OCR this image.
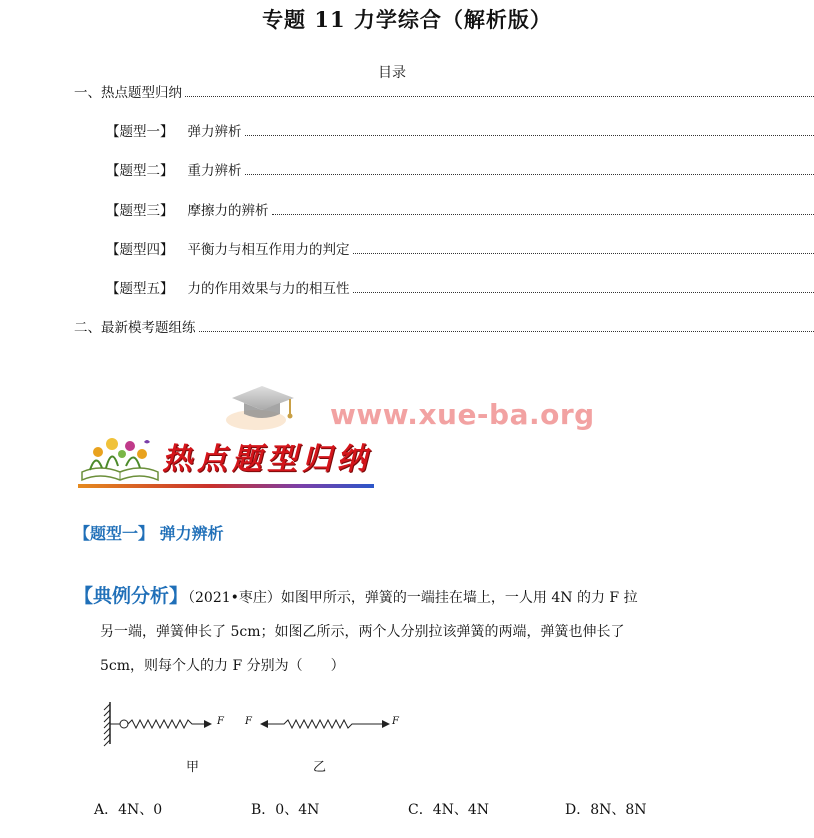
专题 11 力学综合（解析版）
目录
一、热点题型归纳
【题型一】 弹力辨析
【题型二】 重力辨析
【题型三】 摩擦力的辨析
【题型四】 平衡力与相互作用力的判定
【题型五】 力的作用效果与力的相互性
二、最新模考题组练
www.xue-ba.org
热点题型归纳
【题型一】 弹力辨析
【典例分析】（2021•枣庄）如图甲所示，弹簧的一端挂在墙上，一人用 4N 的力 F 拉
另一端，弹簧伸长了 5cm；如图乙所示，两个人分别拉该弹簧的两端，弹簧也伸长了
5cm，则每个人的力 F 分别为（　　）
F F	F
甲	乙
A．4N、0	B．0、4N	C．4N、4N	D．8N、8N
